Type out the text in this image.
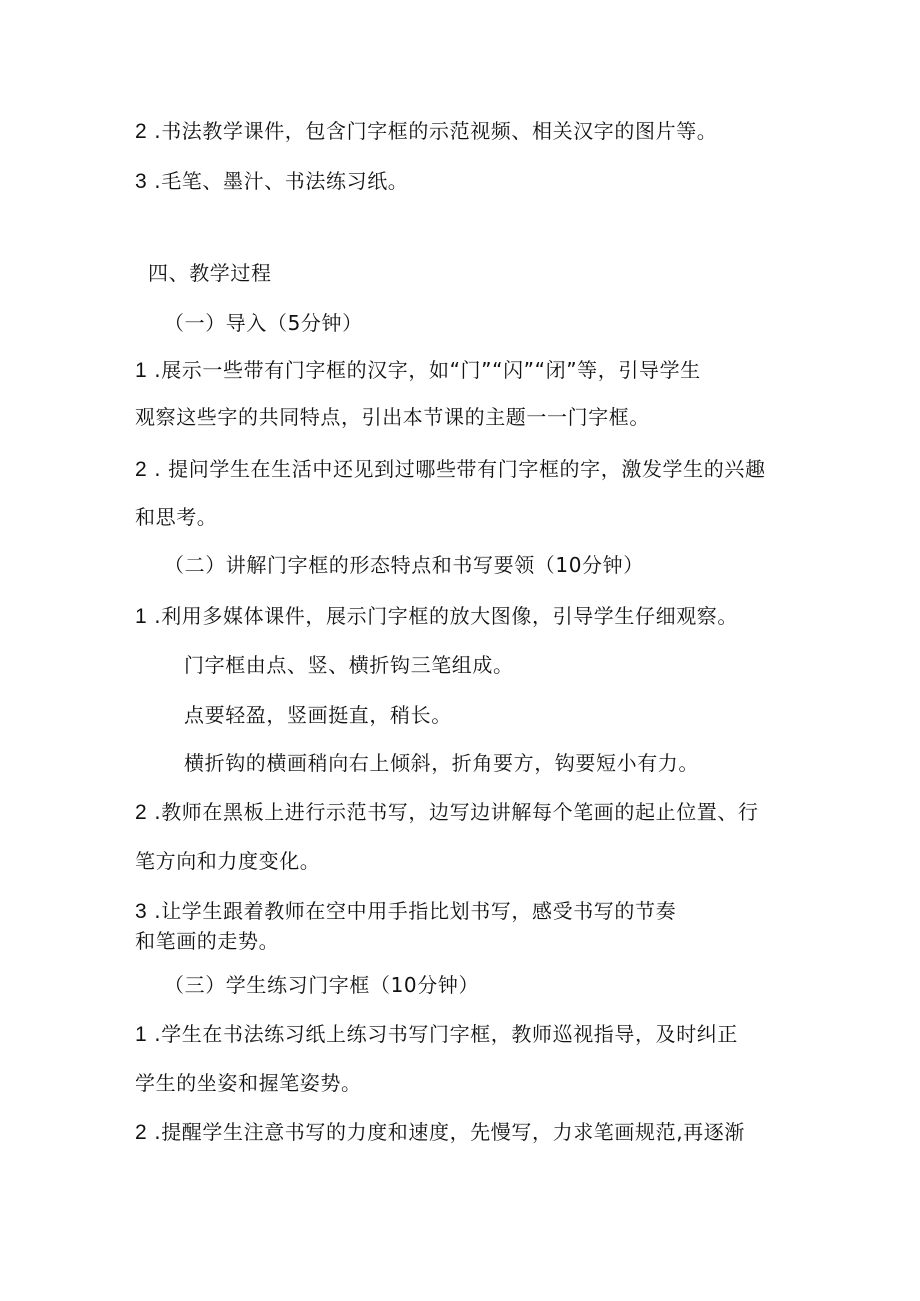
2 .书法教学课件，包含门字框的示范视频、相关汉字的图片等。
3 .毛笔、墨汁、书法练习纸。
四、教学过程
（一）导入（5分钟）
1 .展示一些带有门字框的汉字，如“门”“闪”“闭”等，引导学生
观察这些字的共同特点，引出本节课的主题一一门字框。
2 . 提问学生在生活中还见到过哪些带有门字框的字，激发学生的兴趣
和思考。
（二）讲解门字框的形态特点和书写要领（10分钟）
1 .利用多媒体课件，展示门字框的放大图像，引导学生仔细观察。
门字框由点、竖、横折钩三笔组成。
点要轻盈，竖画挺直，稍长。
横折钩的横画稍向右上倾斜，折角要方，钩要短小有力。
2 .教师在黑板上进行示范书写，边写边讲解每个笔画的起止位置、行
笔方向和力度变化。
3 .让学生跟着教师在空中用手指比划书写，感受书写的节奏
和笔画的走势。
（三）学生练习门字框（10分钟）
1 .学生在书法练习纸上练习书写门字框，教师巡视指导，及时纠正
学生的坐姿和握笔姿势。
2 .提醒学生注意书写的力度和速度，先慢写，力求笔画规范,再逐渐
